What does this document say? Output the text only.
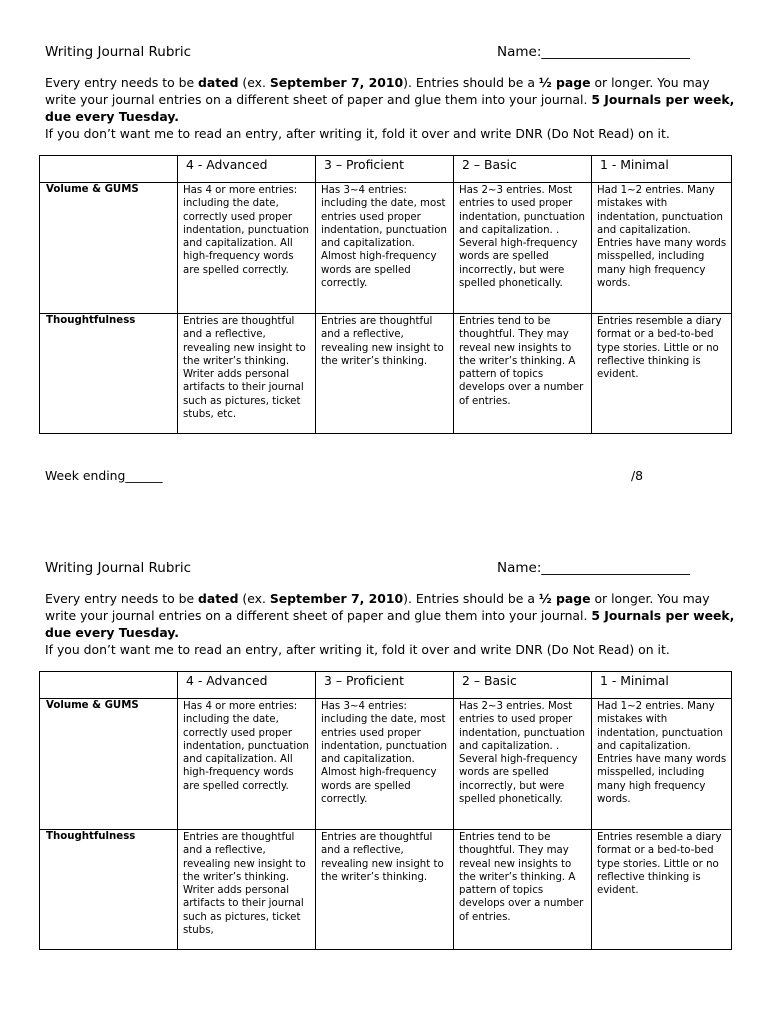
Writing Journal Rubric	Name:______________________
Every entry needs to be dated (ex. September 7, 2010). Entries should be a ½ page or longer. You may write your journal entries on a different sheet of paper and glue them into your journal. 5 Journals per week, due every Tuesday.
If you don’t want me to read an entry, after writing it, fold it over and write DNR (Do Not Read) on it.
	4 - Advanced	3 – Proficient	2 – Basic	1 - Minimal
Volume & GUMS	Has 4 or more entries: including the date, correctly used proper indentation, punctuation and capitalization. All high-frequency words are spelled correctly.	Has 3~4 entries: including the date, most entries used proper indentation, punctuation and capitalization. Almost high-frequency words are spelled correctly.	Has 2~3 entries. Most entries to used proper indentation, punctuation and capitalization. . Several high-frequency words are spelled incorrectly, but were spelled phonetically.	Had 1~2 entries. Many mistakes with indentation, punctuation and capitalization. Entries have many words misspelled, including many high frequency words.
Thoughtfulness	Entries are thoughtful and a reflective, revealing new insight to the writer’s thinking. Writer adds personal artifacts to their journal such as pictures, ticket stubs, etc.	Entries are thoughtful and a reflective, revealing new insight to the writer’s thinking.	Entries tend to be thoughtful. They may reveal new insights to the writer’s thinking. A pattern of topics develops over a number of entries.	Entries resemble a diary format or a bed-to-bed type stories. Little or no reflective thinking is evident.
Week ending______	/8
Writing Journal Rubric	Name:______________________
Every entry needs to be dated (ex. September 7, 2010). Entries should be a ½ page or longer. You may write your journal entries on a different sheet of paper and glue them into your journal. 5 Journals per week, due every Tuesday.
If you don’t want me to read an entry, after writing it, fold it over and write DNR (Do Not Read) on it.
	4 - Advanced	3 – Proficient	2 – Basic	1 - Minimal
Volume & GUMS	Has 4 or more entries: including the date, correctly used proper indentation, punctuation and capitalization. All high-frequency words are spelled correctly.	Has 3~4 entries: including the date, most entries used proper indentation, punctuation and capitalization. Almost high-frequency words are spelled correctly.	Has 2~3 entries. Most entries to used proper indentation, punctuation and capitalization. . Several high-frequency words are spelled incorrectly, but were spelled phonetically.	Had 1~2 entries. Many mistakes with indentation, punctuation and capitalization. Entries have many words misspelled, including many high frequency words.
Thoughtfulness	Entries are thoughtful and a reflective, revealing new insight to the writer’s thinking. Writer adds personal artifacts to their journal such as pictures, ticket stubs,	Entries are thoughtful and a reflective, revealing new insight to the writer’s thinking.	Entries tend to be thoughtful. They may reveal new insights to the writer’s thinking. A pattern of topics develops over a number of entries.	Entries resemble a diary format or a bed-to-bed type stories. Little or no reflective thinking is evident.
